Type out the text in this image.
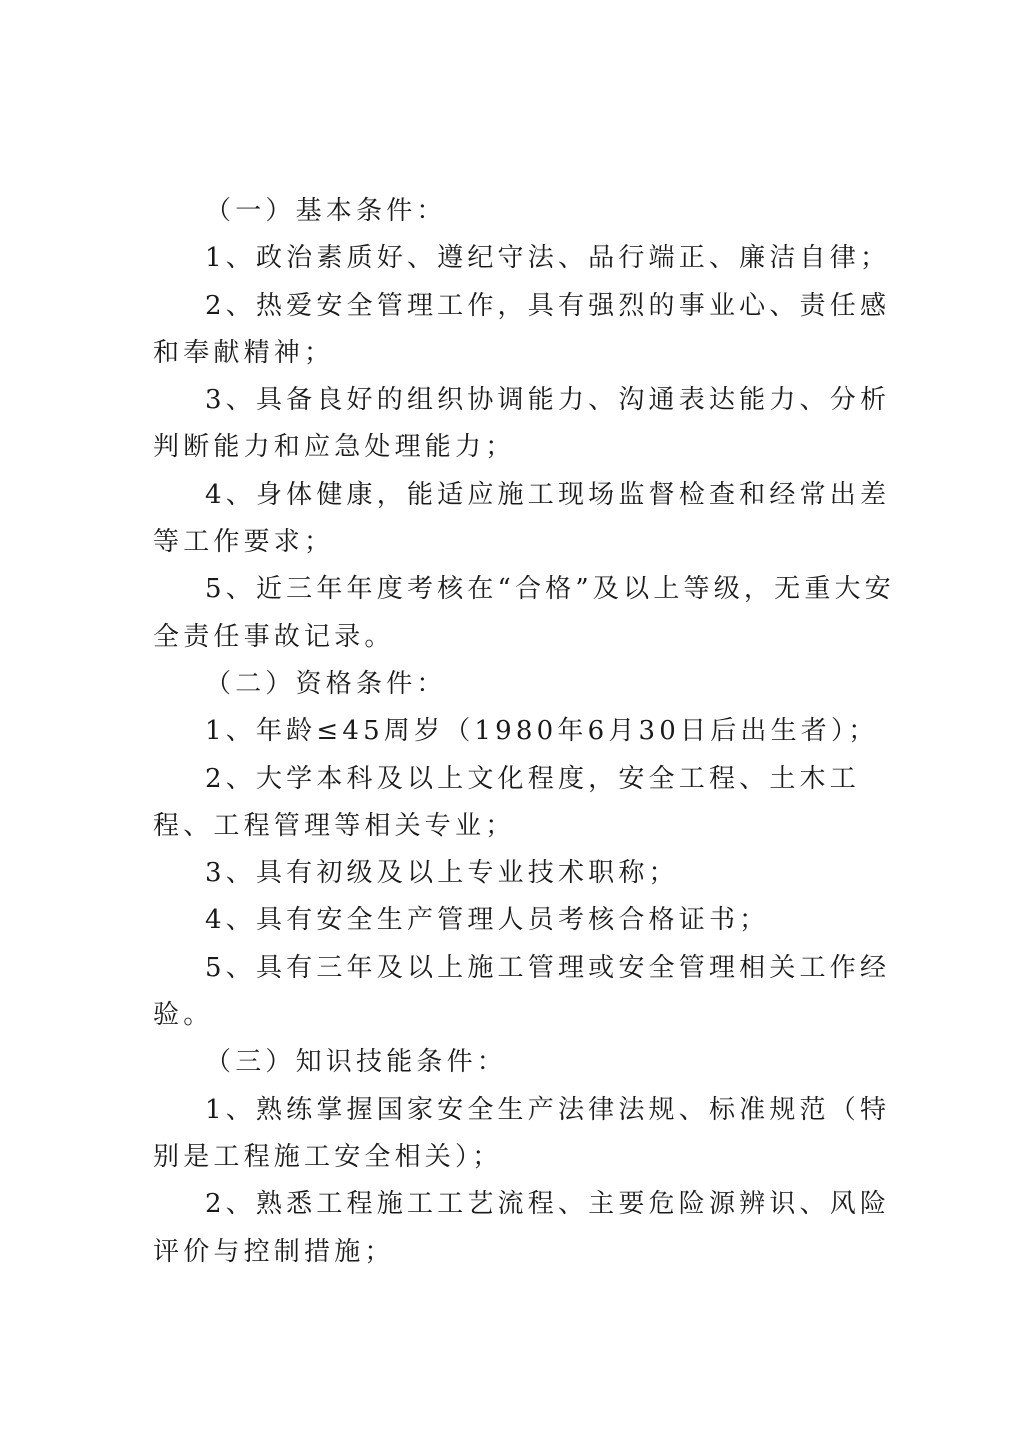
（一）基本条件：

1、政治素质好、遵纪守法、品行端正、廉洁自律；

2、热爱安全管理工作，具有强烈的事业心、责任感和奉献精神；

3、具备良好的组织协调能力、沟通表达能力、分析判断能力和应急处理能力；

4、身体健康，能适应施工现场监督检查和经常出差等工作要求；

5、近三年年度考核在“合格”及以上等级，无重大安全责任事故记录。

（二）资格条件：

1、年龄≤45周岁（1980年6月30日后出生者）；

2、大学本科及以上文化程度，安全工程、土木工程、工程管理等相关专业；

3、具有初级及以上专业技术职称；

4、具有安全生产管理人员考核合格证书；

5、具有三年及以上施工管理或安全管理相关工作经验。

（三）知识技能条件：

1、熟练掌握国家安全生产法律法规、标准规范（特别是工程施工安全相关）；

2、熟悉工程施工工艺流程、主要危险源辨识、风险评价与控制措施；
